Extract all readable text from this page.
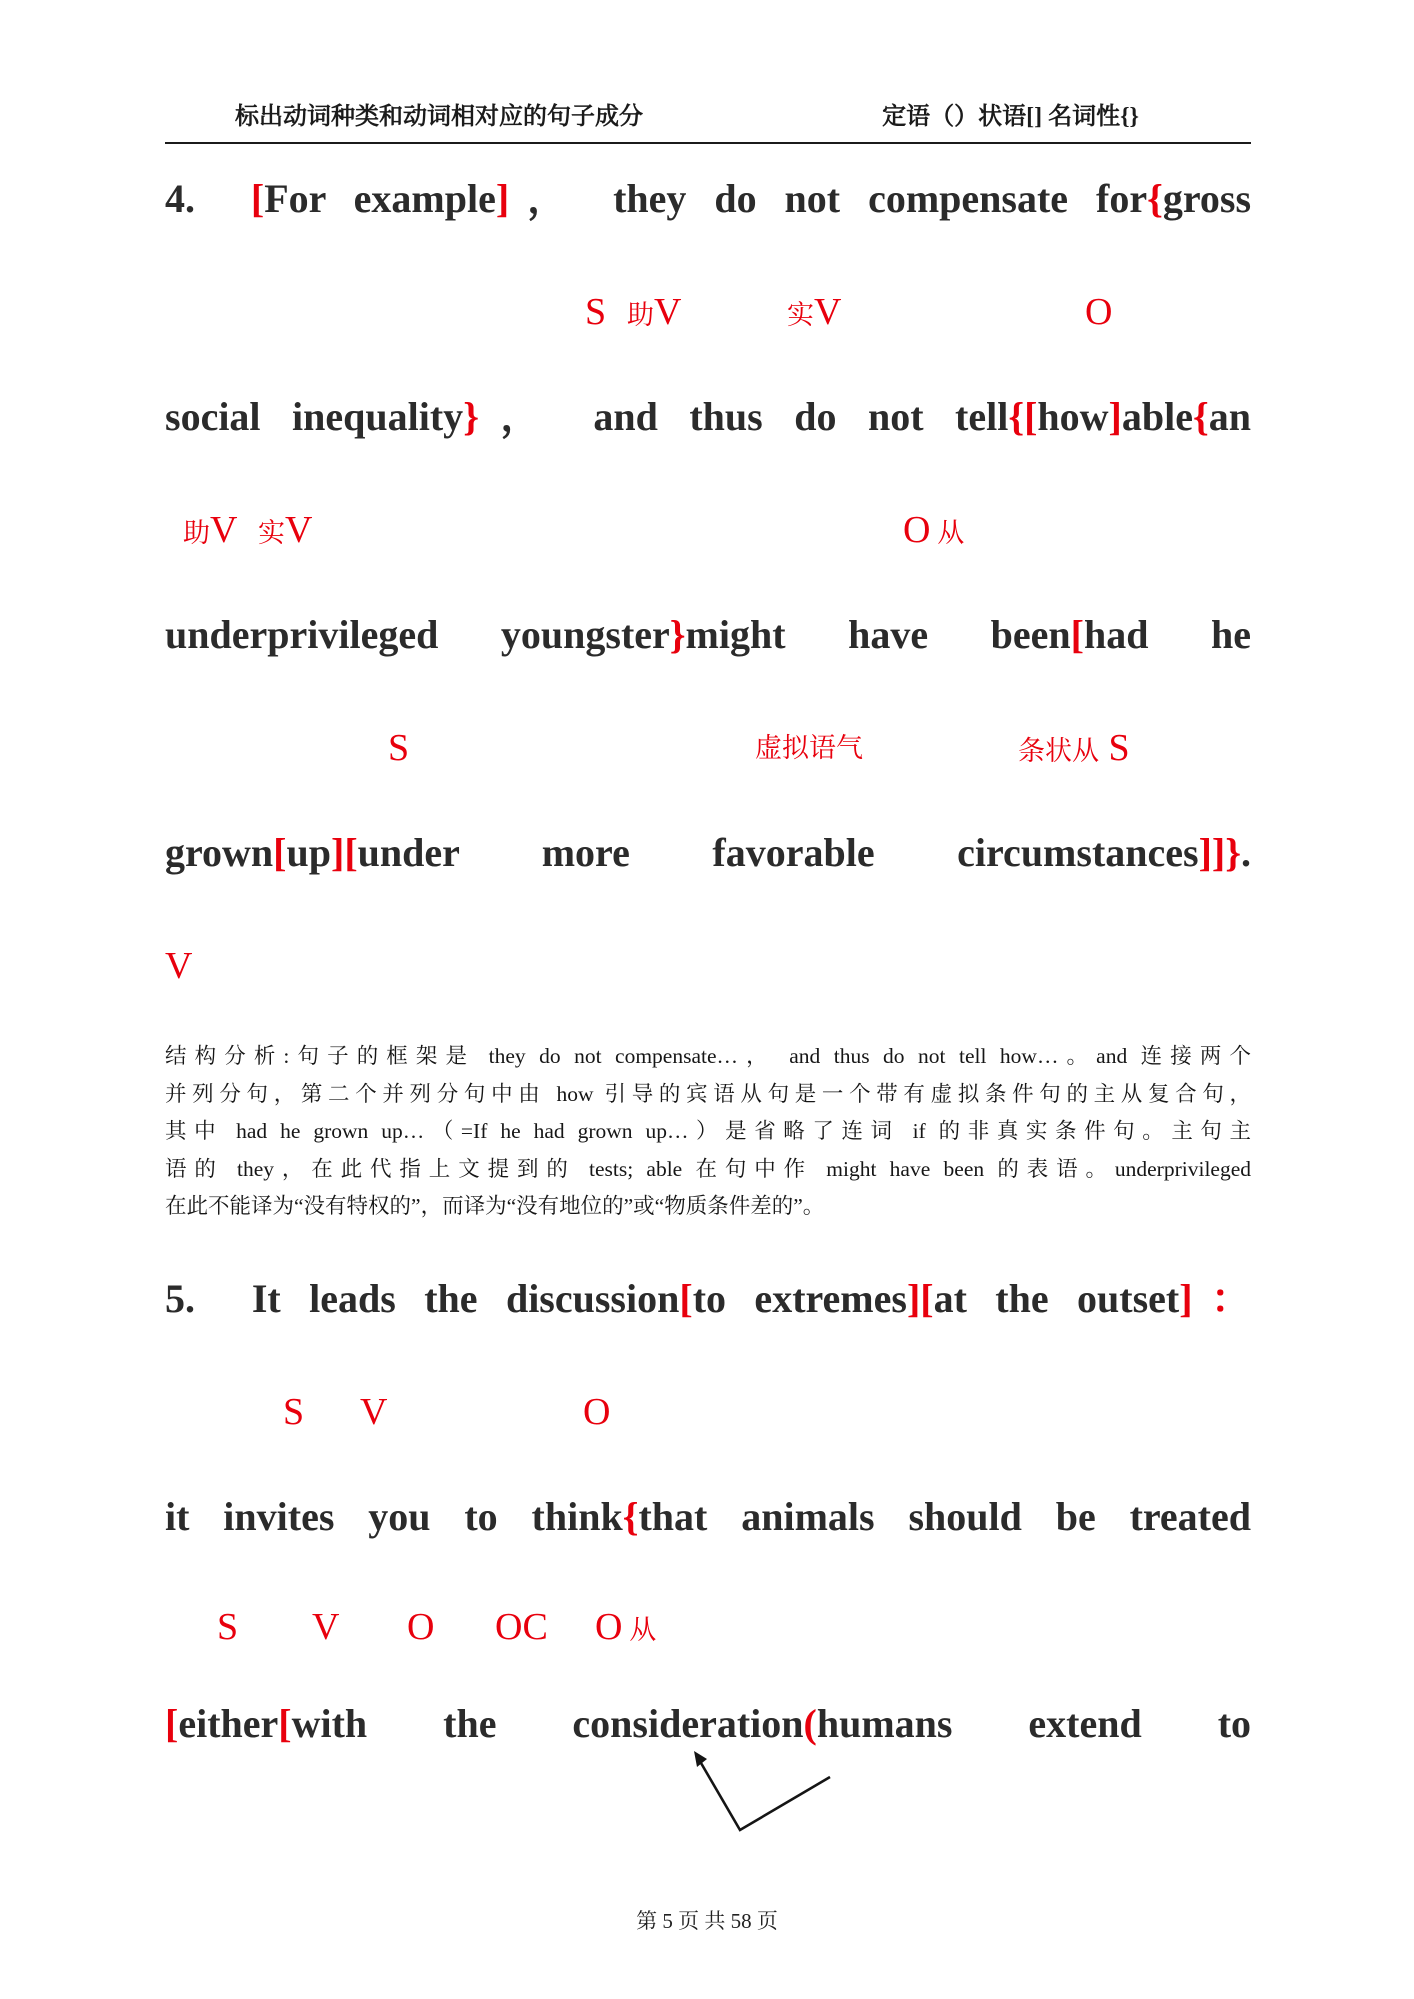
标出动词种类和动词相对应的句子成分	定语（）状语[] 名词性{}
4.  [For example]， they do not compensate for{gross
S 助V	实V	O
social inequality}， and thus do not tell{[how]able{an
助V 实V	O 从
underprivileged youngster}might have been[had he
S	虚拟语气	条状从 S
grown[up][under more favorable circumstances]]}.
V
结构分析:句子的框架是 they do not compensate…， and thus do not tell how…。and 连接两个
并列分句，第二个并列分句中由 how 引导的宾语从句是一个带有虚拟条件句的主从复合句，
其中 had he grown up…（=If he had grown up…）是省略了连词 if 的非真实条件句。主句主
语的 they，在此代指上文提到的 tests; able 在句中作 might have been 的表语。underprivileged
在此不能译为“没有特权的”，而译为“没有地位的”或“物质条件差的”。
5.  It leads the discussion[to extremes][at the outset]：
S V	O
it invites you to think{that animals should be treated
S V O OC O 从
[either[with the consideration(humans extend to
第 5 页 共 58 页
